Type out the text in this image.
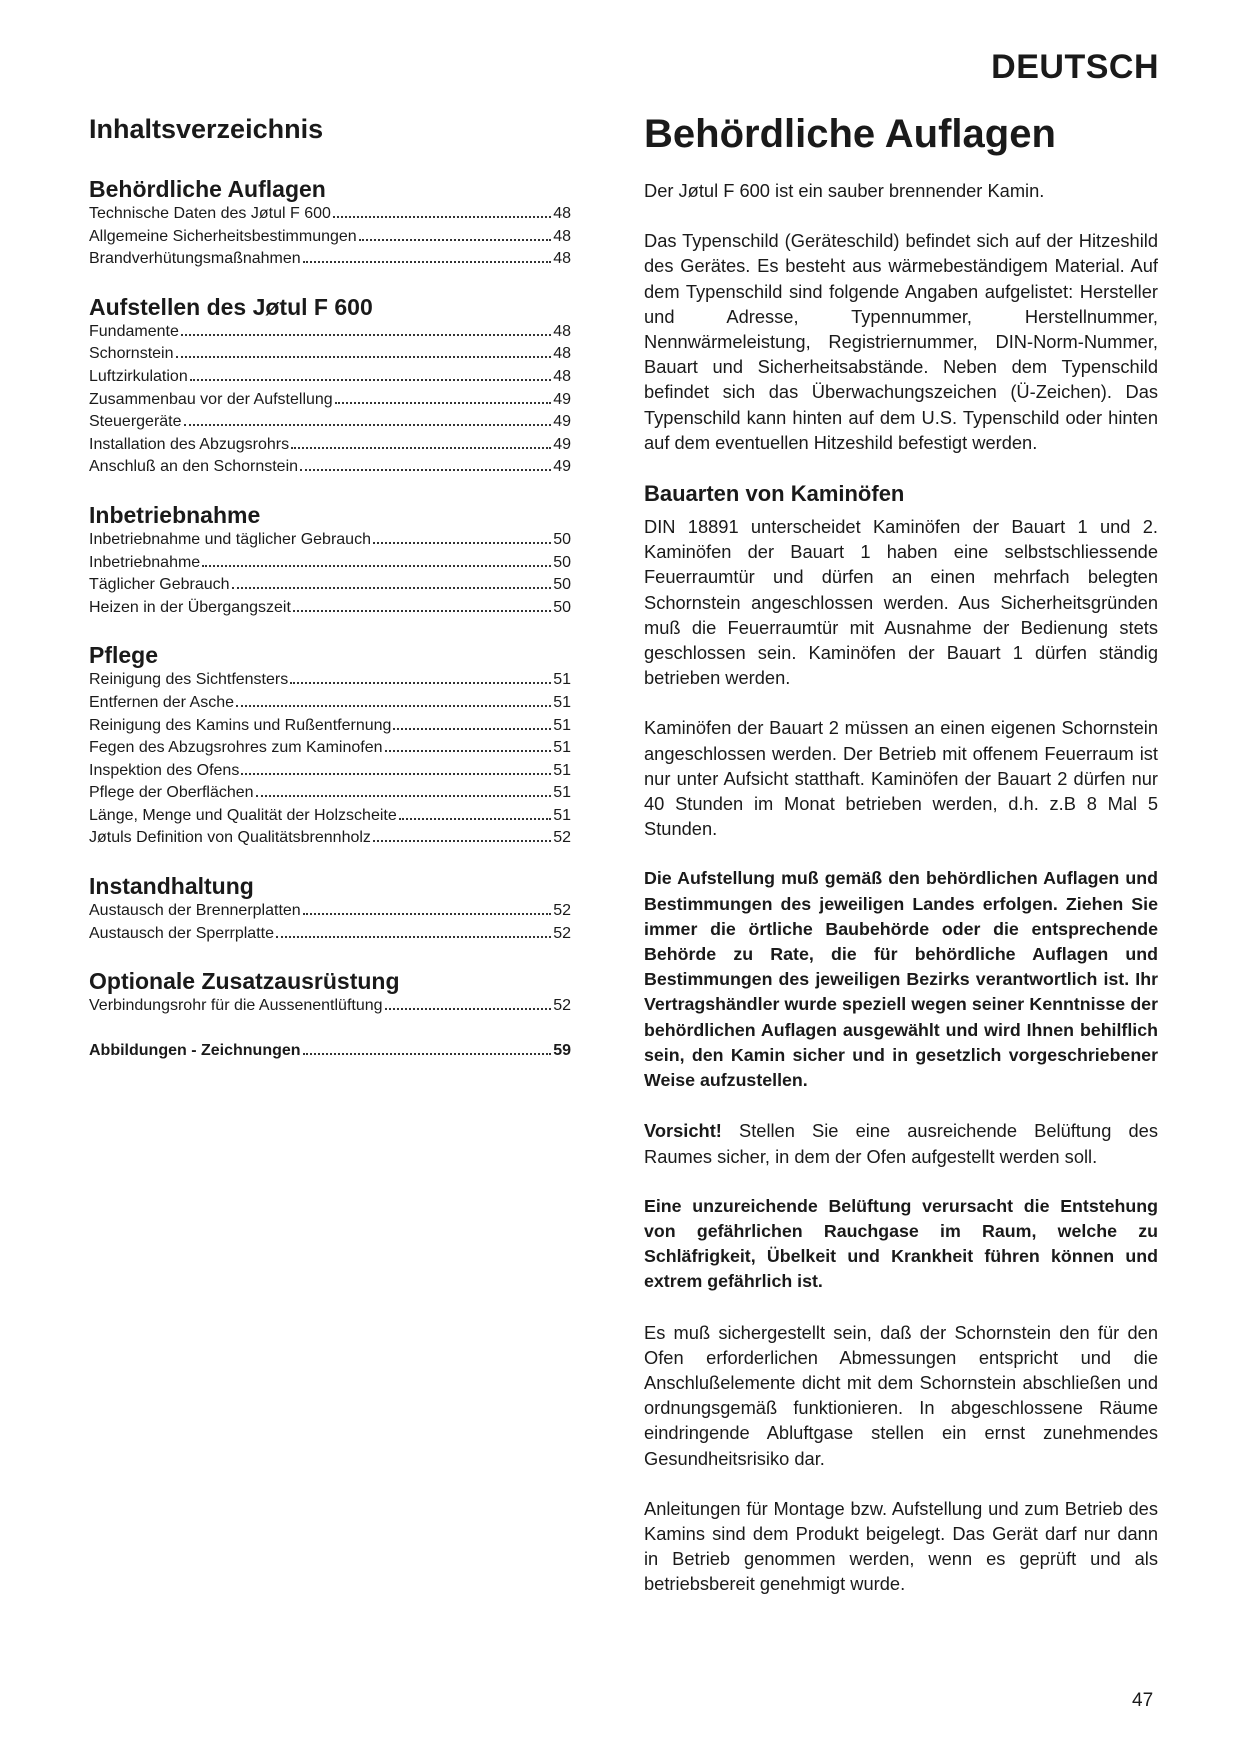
DEUTSCH
Inhaltsverzeichnis
Behördliche Auflagen
Technische Daten des Jøtul F 600	48
Allgemeine Sicherheitsbestimmungen	48
Brandverhütungsmaßnahmen	48
Aufstellen des Jøtul F 600
Fundamente	48
Schornstein	48
Luftzirkulation	48
Zusammenbau vor der Aufstellung	49
Steuergeräte	49
Installation des Abzugsrohrs	49
Anschluß an den Schornstein	49
Inbetriebnahme
Inbetriebnahme und täglicher Gebrauch	50
Inbetriebnahme	50
Täglicher Gebrauch	50
Heizen in der Übergangszeit	50
Pflege
Reinigung des Sichtfensters	51
Entfernen der Asche	51
Reinigung des Kamins und Rußentfernung	51
Fegen des Abzugsrohres zum Kaminofen	51
Inspektion des Ofens	51
Pflege der Oberflächen	51
Länge, Menge und Qualität der Holzscheite	51
Jøtuls Definition von Qualitätsbrennholz	52
Instandhaltung
Austausch der Brennerplatten	52
Austausch der Sperrplatte	52
Optionale Zusatzausrüstung
Verbindungsrohr für die Aussenentlüftung	52
Abbildungen - Zeichnungen	59
Behördliche Auflagen

Der Jøtul F 600 ist ein sauber brennender Kamin.

Das Typenschild (Geräteschild) befindet sich auf der Hitzeshild des Gerätes. Es besteht aus wärmebeständigem Material. Auf dem Typenschild sind folgende Angaben aufgelistet: Hersteller und Adresse, Typennummer, Herstellnummer, Nennwärmeleistung, Registriernummer, DIN-Norm-Nummer, Bauart und Sicherheitsabstände. Neben dem Typenschild befindet sich das Überwachungszeichen (Ü-Zeichen). Das Typenschild kann hinten auf dem U.S. Typenschild oder hinten auf dem eventuellen Hitzeshild befestigt werden.

Bauarten von Kaminöfen

DIN 18891 unterscheidet Kaminöfen der Bauart 1 und 2. Kaminöfen der Bauart 1 haben eine selbstschliessende Feuerraumtür und dürfen an einen mehrfach belegten Schornstein angeschlossen werden. Aus Sicherheitsgründen muß die Feuerraumtür mit Ausnahme der Bedienung stets geschlossen sein. Kaminöfen der Bauart 1 dürfen ständig betrieben werden.

Kaminöfen der Bauart 2 müssen an einen eigenen Schornstein angeschlossen werden. Der Betrieb mit offenem Feuerraum ist nur unter Aufsicht statthaft. Kaminöfen der Bauart 2 dürfen nur 40 Stunden im Monat betrieben werden, d.h. z.B 8 Mal 5 Stunden.

Die Aufstellung muß gemäß den behördlichen Auflagen und Bestimmungen des jeweiligen Landes erfolgen. Ziehen Sie immer die örtliche Baubehörde oder die entsprechende Behörde zu Rate, die für behördliche Auflagen und Bestimmungen des jeweiligen Bezirks verantwortlich ist. Ihr Vertragshändler wurde speziell wegen seiner Kenntnisse der behördlichen Auflagen ausgewählt und wird Ihnen behilflich sein, den Kamin sicher und in gesetzlich vorgeschriebener Weise aufzustellen.

Vorsicht! Stellen Sie eine ausreichende Belüftung des Raumes sicher, in dem der Ofen aufgestellt werden soll.

Eine unzureichende Belüftung verursacht die Entstehung von gefährlichen Rauchgase im Raum, welche zu Schläfrigkeit, Übelkeit und Krankheit führen können und extrem gefährlich ist.

Es muß sichergestellt sein, daß der Schornstein den für den Ofen erforderlichen Abmessungen entspricht und die Anschlußelemente dicht mit dem Schornstein abschließen und ordnungsgemäß funktionieren. In abgeschlossene Räume eindringende Abluftgase stellen ein ernst zunehmendes Gesundheitsrisiko dar.

Anleitungen für Montage bzw. Aufstellung und zum Betrieb des Kamins sind dem Produkt beigelegt. Das Gerät darf nur dann in Betrieb genommen werden, wenn es geprüft und als betriebsbereit genehmigt wurde.

47
